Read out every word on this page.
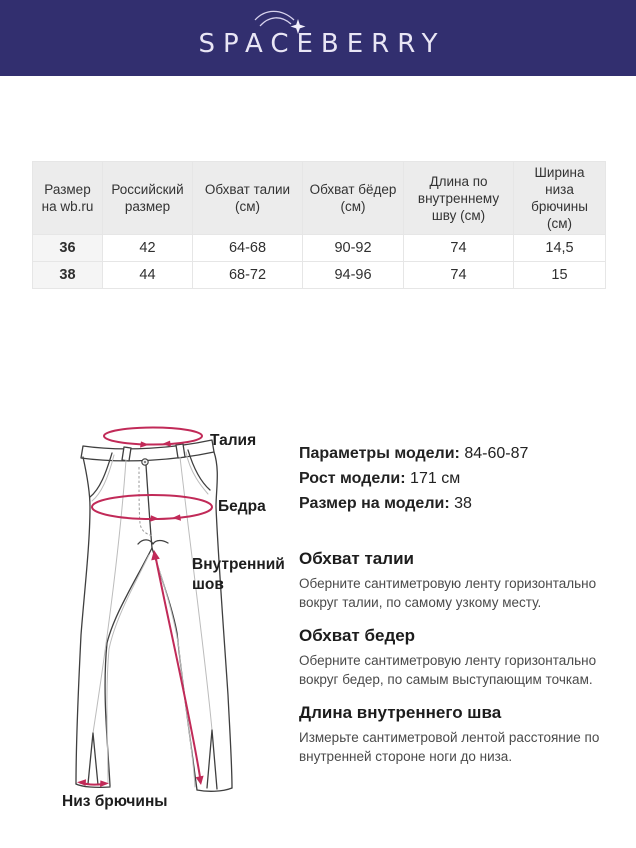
SPACEBERRY
Размер на wb.ru	Российский размер	Обхват талии (см)	Обхват бёдер (см)	Длина по внутреннему шву (см)	Ширина низа брючины (см)
36	42	64-68	90-92	74	14,5
38	44	68-72	94-96	74	15
Талия
Бедра
Внутренний шов
Низ брючины
Параметры модели: 84-60-87
Рост модели: 171 см
Размер на модели: 38
Обхват талии

Оберните сантиметровую ленту горизонтально вокруг талии, по самому узкому месту.

Обхват бедер

Оберните сантиметровую ленту горизонтально вокруг бедер, по самым выступающим точкам.

Длина внутреннего шва

Измерьте сантиметровой лентой расстояние по внутренней стороне ноги до низа.
